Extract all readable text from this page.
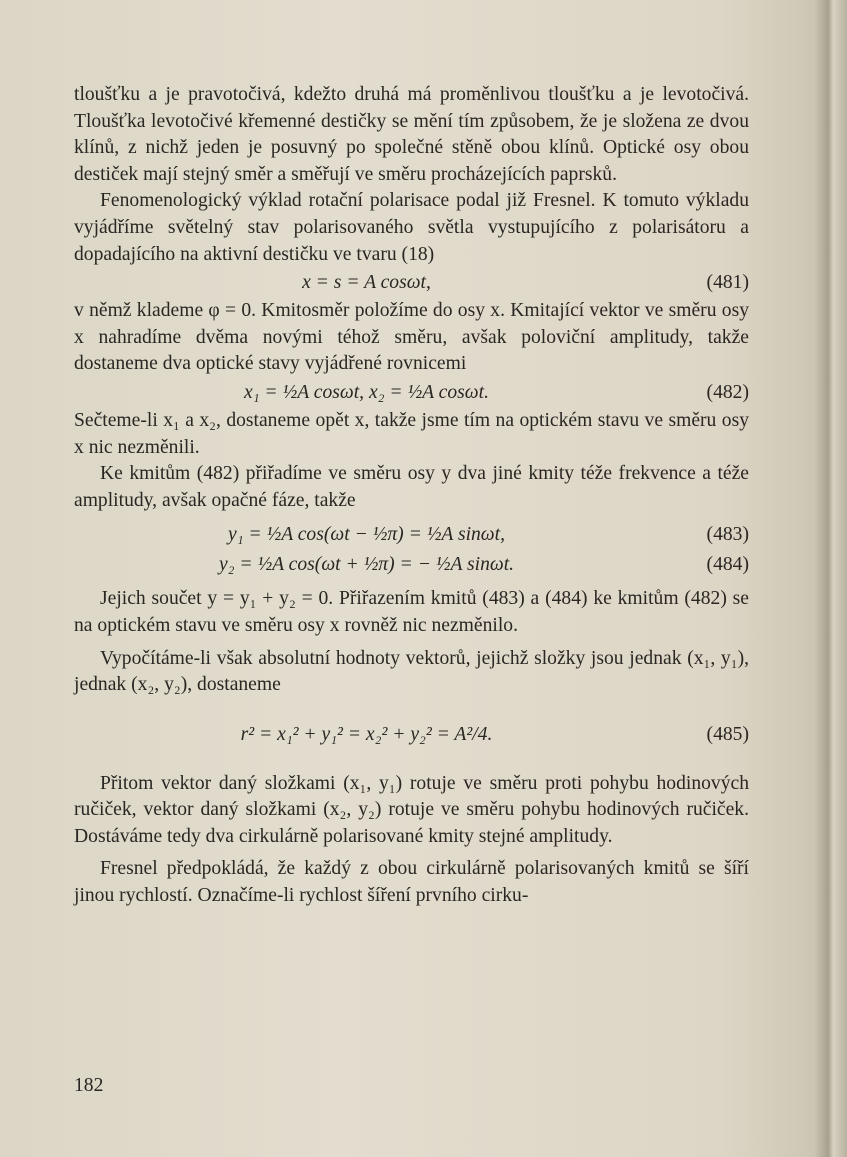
tloušťku a je pravotočivá, kdežto druhá má proměnlivou tloušťku a je levotočivá. Tloušťka levotočivé křemenné destičky se mění tím způsobem, že je složena ze dvou klínů, z nichž jeden je posuvný po společné stěně obou klínů. Optické osy obou destiček mají stejný směr a směřují ve směru procházejících paprsků.

Fenomenologický výklad rotační polarisace podal již Fresnel. K tomuto výkladu vyjádříme světelný stav polarisovaného světla vystupujícího z polarisátoru a dopadajícího na aktivní destičku ve tvaru (18)

x = s = A cosωt,	(481)

v němž klademe φ = 0. Kmitosměr položíme do osy x. Kmitající vektor ve směru osy x nahradíme dvěma novými téhož směru, avšak poloviční amplitudy, takže dostaneme dva optické stavy vyjádřené rovnicemi

x₁ = ½A cosωt, x₂ = ½A cosωt.	(482)

Sečteme-li x₁ a x₂, dostaneme opět x, takže jsme tím na optickém stavu ve směru osy x nic nezměnili.

Ke kmitům (482) přiřadíme ve směru osy y dva jiné kmity téže frekvence a téže amplitudy, avšak opačné fáze, takže

y₁ = ½A cos(ωt − ½π) = ½A sinωt,	(483)
y₂ = ½A cos(ωt + ½π) = − ½A sinωt.	(484)

Jejich součet y = y₁ + y₂ = 0. Přiřazením kmitů (483) a (484) ke kmitům (482) se na optickém stavu ve směru osy x rovněž nic nezměnilo.

Vypočítáme-li však absolutní hodnoty vektorů, jejichž složky jsou jednak (x₁, y₁), jednak (x₂, y₂), dostaneme

r² = x₁² + y₁² = x₂² + y₂² = A²/4.	(485)

Přitom vektor daný složkami (x₁, y₁) rotuje ve směru proti pohybu hodinových ručiček, vektor daný složkami (x₂, y₂) rotuje ve směru pohybu hodinových ručiček. Dostáváme tedy dva cirkulárně polarisované kmity stejné amplitudy.

Fresnel předpokládá, že každý z obou cirkulárně polarisovaných kmitů se šíří jinou rychlostí. Označíme-li rychlost šíření prvního cirku-

182
